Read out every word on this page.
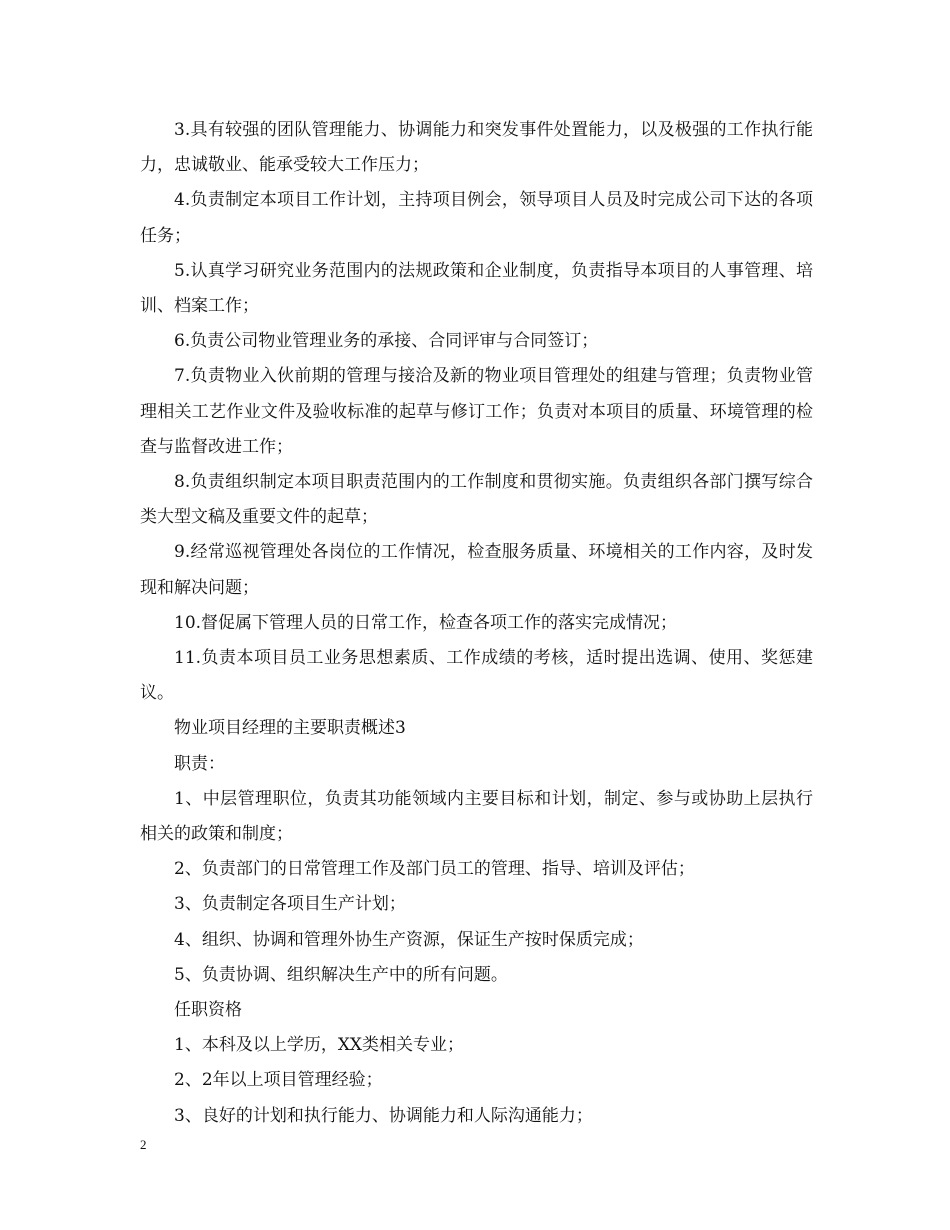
3.具有较强的团队管理能力、协调能力和突发事件处置能力，以及极强的工作执行能力，忠诚敬业、能承受较大工作压力；

4.负责制定本项目工作计划，主持项目例会，领导项目人员及时完成公司下达的各项任务；

5.认真学习研究业务范围内的法规政策和企业制度，负责指导本项目的人事管理、培训、档案工作；

6.负责公司物业管理业务的承接、合同评审与合同签订；

7.负责物业入伙前期的管理与接洽及新的物业项目管理处的组建与管理；负责物业管理相关工艺作业文件及验收标准的起草与修订工作；负责对本项目的质量、环境管理的检查与监督改进工作；

8.负责组织制定本项目职责范围内的工作制度和贯彻实施。负责组织各部门撰写综合类大型文稿及重要文件的起草；

9.经常巡视管理处各岗位的工作情况，检查服务质量、环境相关的工作内容，及时发现和解决问题；

10.督促属下管理人员的日常工作，检查各项工作的落实完成情况；

11.负责本项目员工业务思想素质、工作成绩的考核，适时提出选调、使用、奖惩建议。

物业项目经理的主要职责概述3

职责：

1、中层管理职位，负责其功能领域内主要目标和计划，制定、参与或协助上层执行相关的政策和制度；

2、负责部门的日常管理工作及部门员工的管理、指导、培训及评估；

3、负责制定各项目生产计划；

4、组织、协调和管理外协生产资源，保证生产按时保质完成；

5、负责协调、组织解决生产中的所有问题。

任职资格

1、本科及以上学历，XX类相关专业；

2、2年以上项目管理经验；

3、良好的计划和执行能力、协调能力和人际沟通能力；

2
